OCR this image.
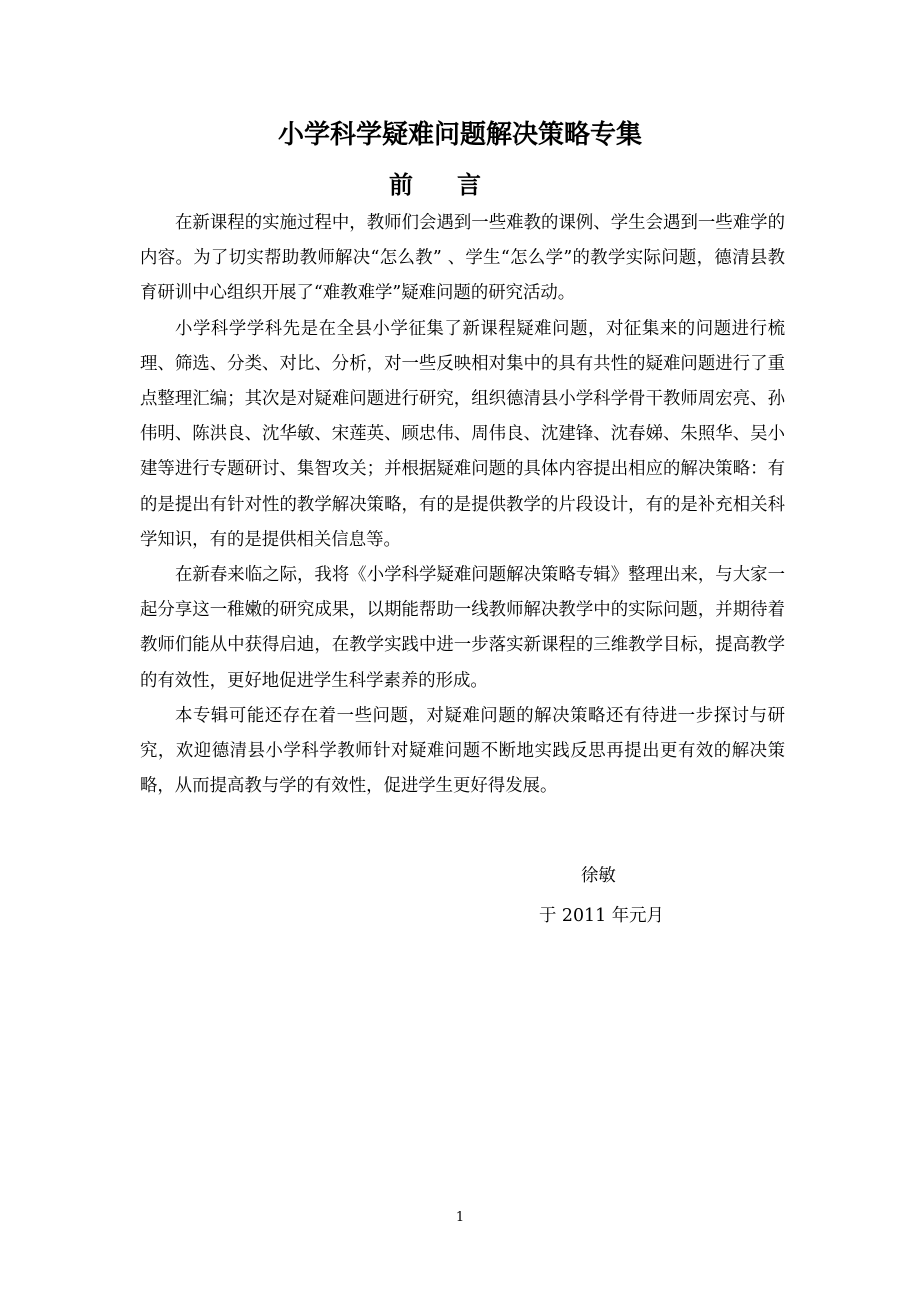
小学科学疑难问题解决策略专集
前言

在新课程的实施过程中，教师们会遇到一些难教的课例、学生会遇到一些难学的内容。为了切实帮助教师解决“怎么教” 、学生“怎么学”的教学实际问题，德清县教育研训中心组织开展了“难教难学”疑难问题的研究活动。

小学科学学科先是在全县小学征集了新课程疑难问题，对征集来的问题进行梳理、筛选、分类、对比、分析，对一些反映相对集中的具有共性的疑难问题进行了重点整理汇编；其次是对疑难问题进行研究，组织德清县小学科学骨干教师周宏亮、孙伟明、陈洪良、沈华敏、宋莲英、顾忠伟、周伟良、沈建锋、沈春娣、朱照华、吴小建等进行专题研讨、集智攻关；并根据疑难问题的具体内容提出相应的解决策略：有的是提出有针对性的教学解决策略，有的是提供教学的片段设计，有的是补充相关科学知识，有的是提供相关信息等。

在新春来临之际，我将《小学科学疑难问题解决策略专辑》整理出来，与大家一起分享这一稚嫩的研究成果，以期能帮助一线教师解决教学中的实际问题，并期待着教师们能从中获得启迪，在教学实践中进一步落实新课程的三维教学目标，提高教学的有效性，更好地促进学生科学素养的形成。

本专辑可能还存在着一些问题，对疑难问题的解决策略还有待进一步探讨与研究，欢迎德清县小学科学教师针对疑难问题不断地实践反思再提出更有效的解决策略，从而提高教与学的有效性，促进学生更好得发展。

徐敏
于 2011 年元月
1
